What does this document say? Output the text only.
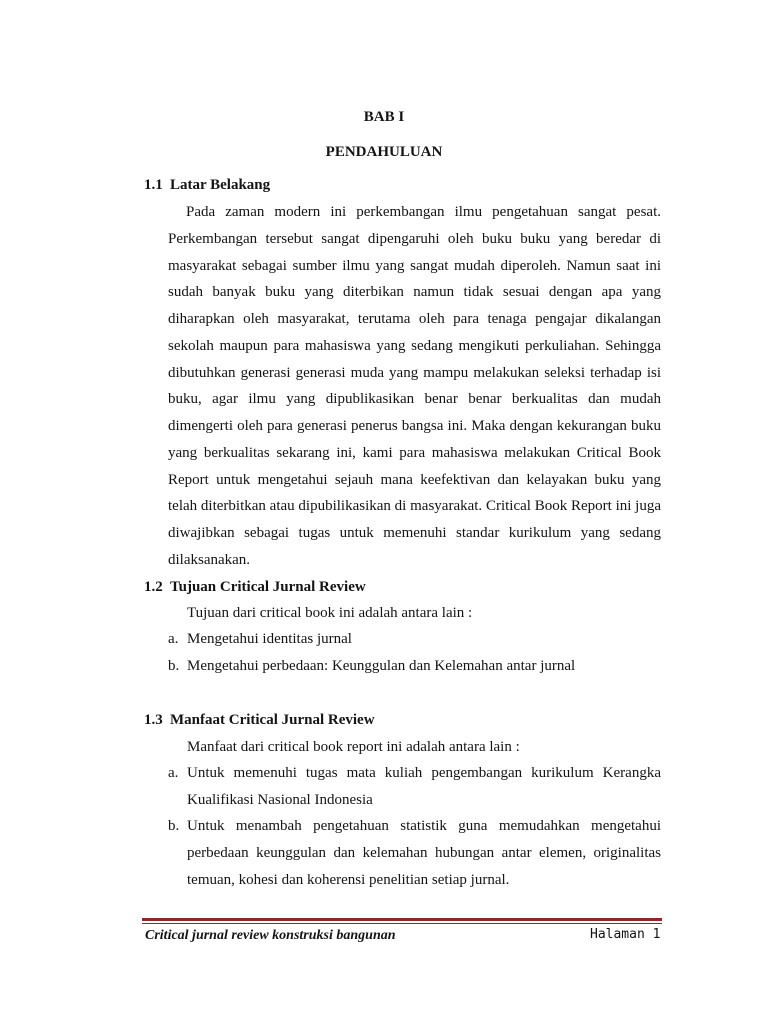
BAB I
PENDAHULUAN
1.1 Latar Belakang

Pada zaman modern ini perkembangan ilmu pengetahuan sangat pesat. Perkembangan tersebut sangat dipengaruhi oleh buku buku yang beredar di masyarakat sebagai sumber ilmu yang sangat mudah diperoleh. Namun saat ini sudah banyak buku yang diterbikan namun tidak sesuai dengan apa yang diharapkan oleh masyarakat, terutama oleh para tenaga pengajar dikalangan sekolah maupun para mahasiswa yang sedang mengikuti perkuliahan. Sehingga dibutuhkan generasi generasi muda yang mampu melakukan seleksi terhadap isi buku, agar ilmu yang dipublikasikan benar benar berkualitas dan mudah dimengerti oleh para generasi penerus bangsa ini. Maka dengan kekurangan buku yang berkualitas sekarang ini, kami para mahasiswa melakukan Critical Book Report untuk mengetahui sejauh mana keefektivan dan kelayakan buku yang telah diterbitkan atau dipubilikasikan di masyarakat. Critical Book Report ini juga diwajibkan sebagai tugas untuk memenuhi standar kurikulum yang sedang dilaksanakan.

1.2 Tujuan Critical Jurnal Review
Tujuan dari critical book ini adalah antara lain :
a. Mengetahui identitas jurnal
b. Mengetahui perbedaan: Keunggulan dan Kelemahan antar jurnal
1.3 Manfaat Critical Jurnal Review
Manfaat dari critical book report ini adalah antara lain :
a. Untuk memenuhi tugas mata kuliah pengembangan kurikulum Kerangka Kualifikasi Nasional Indonesia
b. Untuk menambah pengetahuan statistik guna memudahkan mengetahui perbedaan keunggulan dan kelemahan hubungan antar elemen, originalitas temuan, kohesi dan koherensi penelitian setiap jurnal.
Critical jurnal review konstruksi bangunan	Halaman 1
